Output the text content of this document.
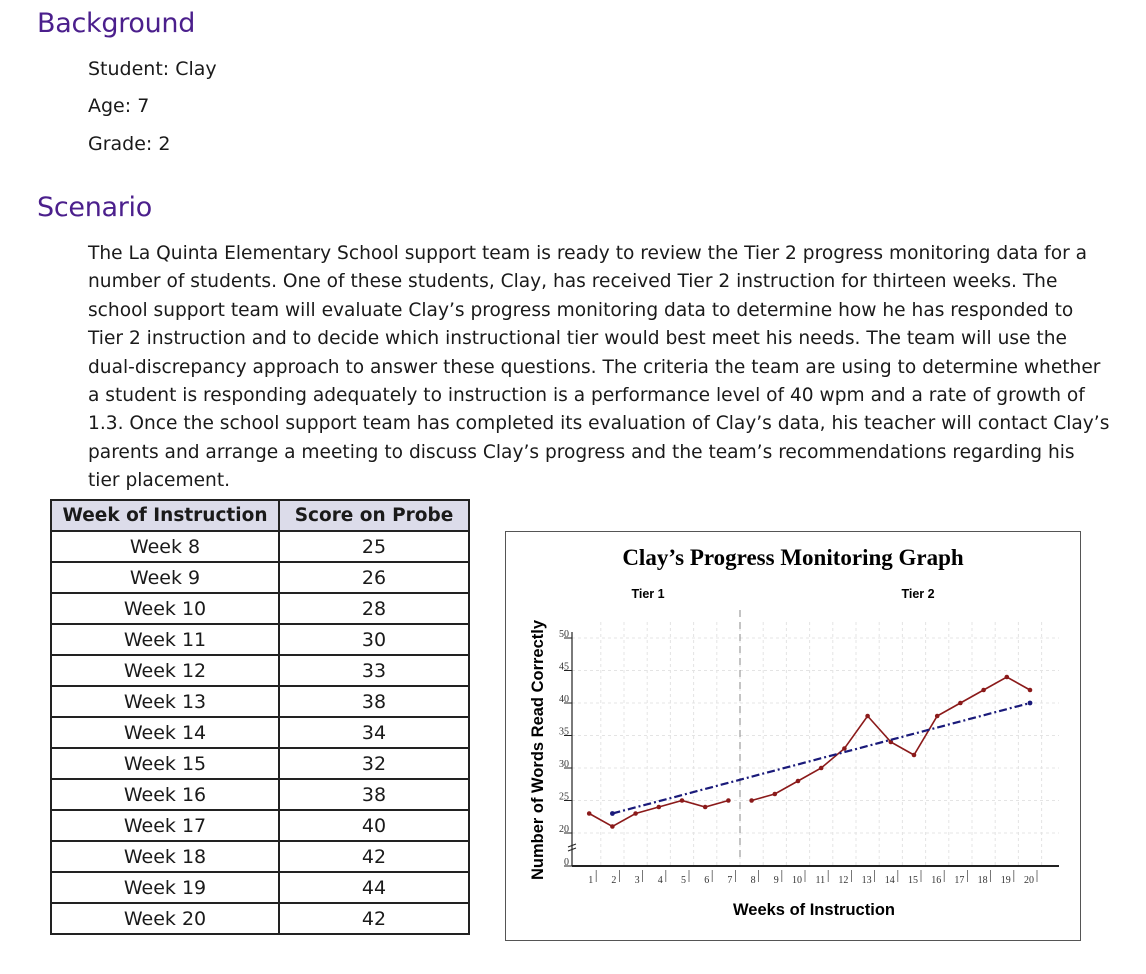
Background

Student: Clay

Age: 7

Grade: 2

Scenario

The La Quinta Elementary School support team is ready to review the Tier 2 progress monitoring data for a number of students. One of these students, Clay, has received Tier 2 instruction for thirteen weeks. The school support team will evaluate Clay’s progress monitoring data to determine how he has responded to Tier 2 instruction and to decide which instructional tier would best meet his needs. The team will use the dual-discrepancy approach to answer these questions. The criteria the team are using to determine whether a student is responding adequately to instruction is a performance level of 40 wpm and a rate of growth of 1.3. Once the school support team has completed its evaluation of Clay’s data, his teacher will contact Clay’s parents and arrange a meeting to discuss Clay’s progress and the team’s recommendations regarding his tier placement.

Week of Instruction	Score on Probe
Week 8	25
Week 9	26
Week 10	28
Week 11	30
Week 12	33
Week 13	38
Week 14	34
Week 15	32
Week 16	38
Week 17	40
Week 18	42
Week 19	44
Week 20	42
Clay’s Progress Monitoring Graph
Tier 1	Tier 2
0
20
25
30
35
40
45
50
1 2 3 4 5 6 7 8 9 10 11 12 13 14 15 16 17 18 19 20
Weeks of Instruction
Number of Words Read Correctly
